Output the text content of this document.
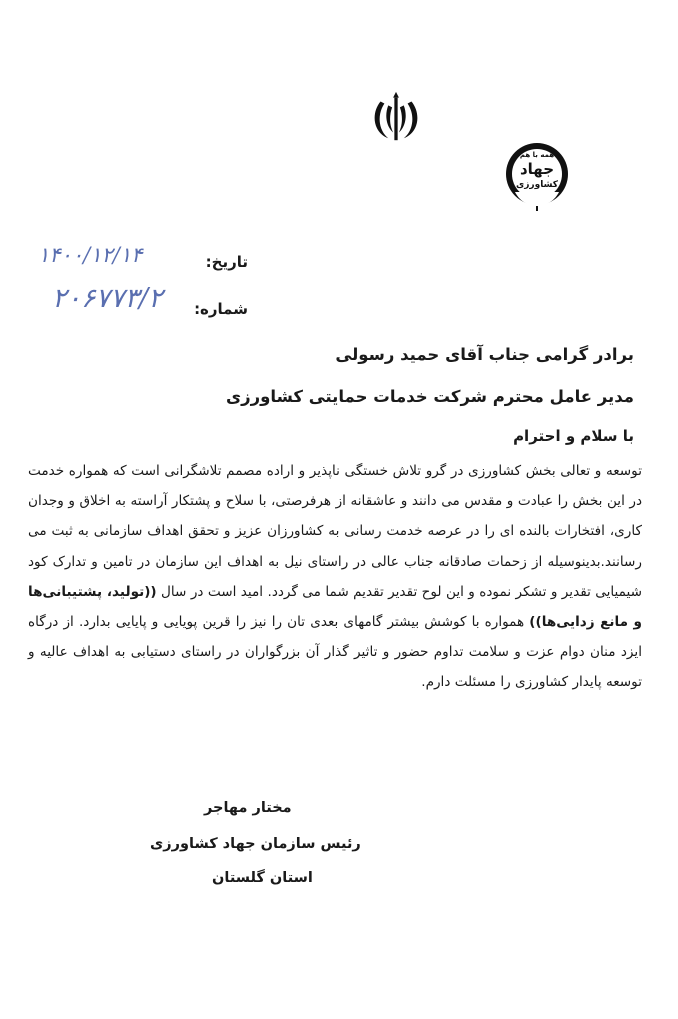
همه با هم
جهاد
کشاورزی
تاریخ:
۱۴۰۰/۱۲/۱۴
شماره:
۲۰۶۷۷۳/۲
برادر گرامی جناب آقای حمید رسولی
مدیر عامل محترم شرکت خدمات حمایتی کشاورزی
با سلام و احترام
توسعه و تعالی بخش کشاورزی در گرو تلاش خستگی ناپذیر و اراده مصمم تلاشگرانی است که همواره خدمت در این بخش را عبادت و مقدس می دانند و عاشقانه از هرفرصتی، با سلاح و پشتکار آراسته به اخلاق و وجدان کاری، افتخارات بالنده ای را در عرصه خدمت رسانی به کشاورزان عزیز و تحقق اهداف سازمانی به ثبت می رسانند.بدینوسیله از زحمات صادقانه جناب عالی در راستای نیل به اهداف این سازمان در تامین و تدارک کود شیمیایی تقدیر و تشکر نموده و این لوح تقدیر تقدیم شما می گردد. امید است در سال ((تولید، پشتیبانی‌ها و مانع زدایی‌ها)) همواره با کوشش بیشتر گامهای بعدی تان را نیز را قرین پویایی و پایایی بدارد. از درگاه ایزد منان دوام عزت و سلامت تداوم حضور و تاثیر گذار آن بزرگواران در راستای دستیابی به اهداف عالیه و توسعه پایدار کشاورزی را مسئلت دارم.
مختار مهاجر
رئیس سازمان جهاد کشاورزی
استان گلستان
